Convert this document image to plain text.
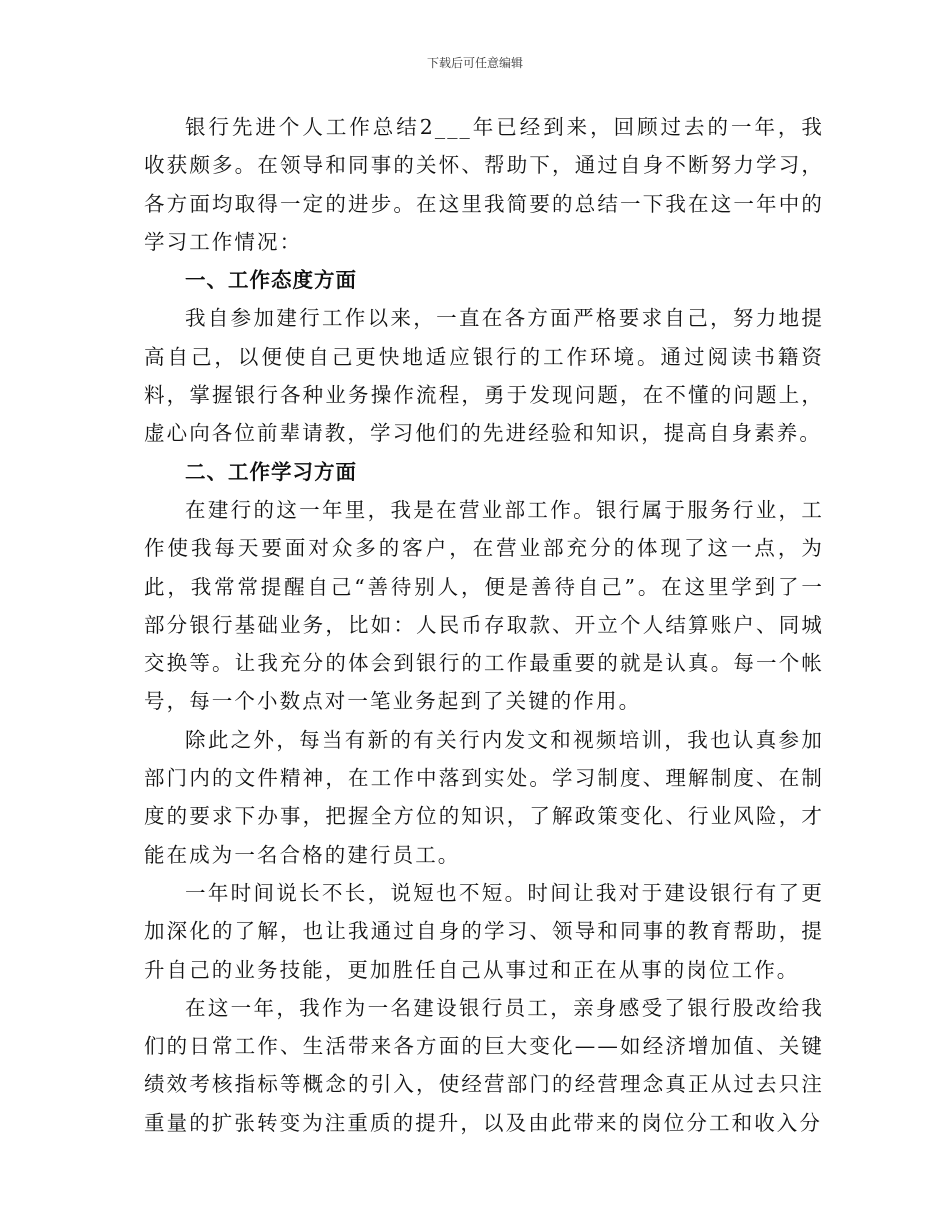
下载后可任意编辑

银行先进个人工作总结2___年已经到来，回顾过去的一年，我收获颇多。在领导和同事的关怀、帮助下，通过自身不断努力学习，各方面均取得一定的进步。在这里我简要的总结一下我在这一年中的学习工作情况：

一、工作态度方面

我自参加建行工作以来，一直在各方面严格要求自己，努力地提高自己，以便使自己更快地适应银行的工作环境。通过阅读书籍资料，掌握银行各种业务操作流程，勇于发现问题，在不懂的问题上，虚心向各位前辈请教，学习他们的先进经验和知识，提高自身素养。

二、工作学习方面

在建行的这一年里，我是在营业部工作。银行属于服务行业，工作使我每天要面对众多的客户，在营业部充分的体现了这一点，为此，我常常提醒自己“善待别人，便是善待自己”。在这里学到了一部分银行基础业务，比如：人民币存取款、开立个人结算账户、同城交换等。让我充分的体会到银行的工作最重要的就是认真。每一个帐号，每一个小数点对一笔业务起到了关键的作用。

除此之外，每当有新的有关行内发文和视频培训，我也认真参加部门内的文件精神，在工作中落到实处。学习制度、理解制度、在制度的要求下办事，把握全方位的知识，了解政策变化、行业风险，才能在成为一名合格的建行员工。

一年时间说长不长，说短也不短。时间让我对于建设银行有了更加深化的了解，也让我通过自身的学习、领导和同事的教育帮助，提升自己的业务技能，更加胜任自己从事过和正在从事的岗位工作。

在这一年，我作为一名建设银行员工，亲身感受了银行股改给我们的日常工作、生活带来各方面的巨大变化——如经济增加值、关键绩效考核指标等概念的引入，使经营部门的经营理念真正从过去只注重量的扩张转变为注重质的提升，以及由此带来的岗位分工和收入分
